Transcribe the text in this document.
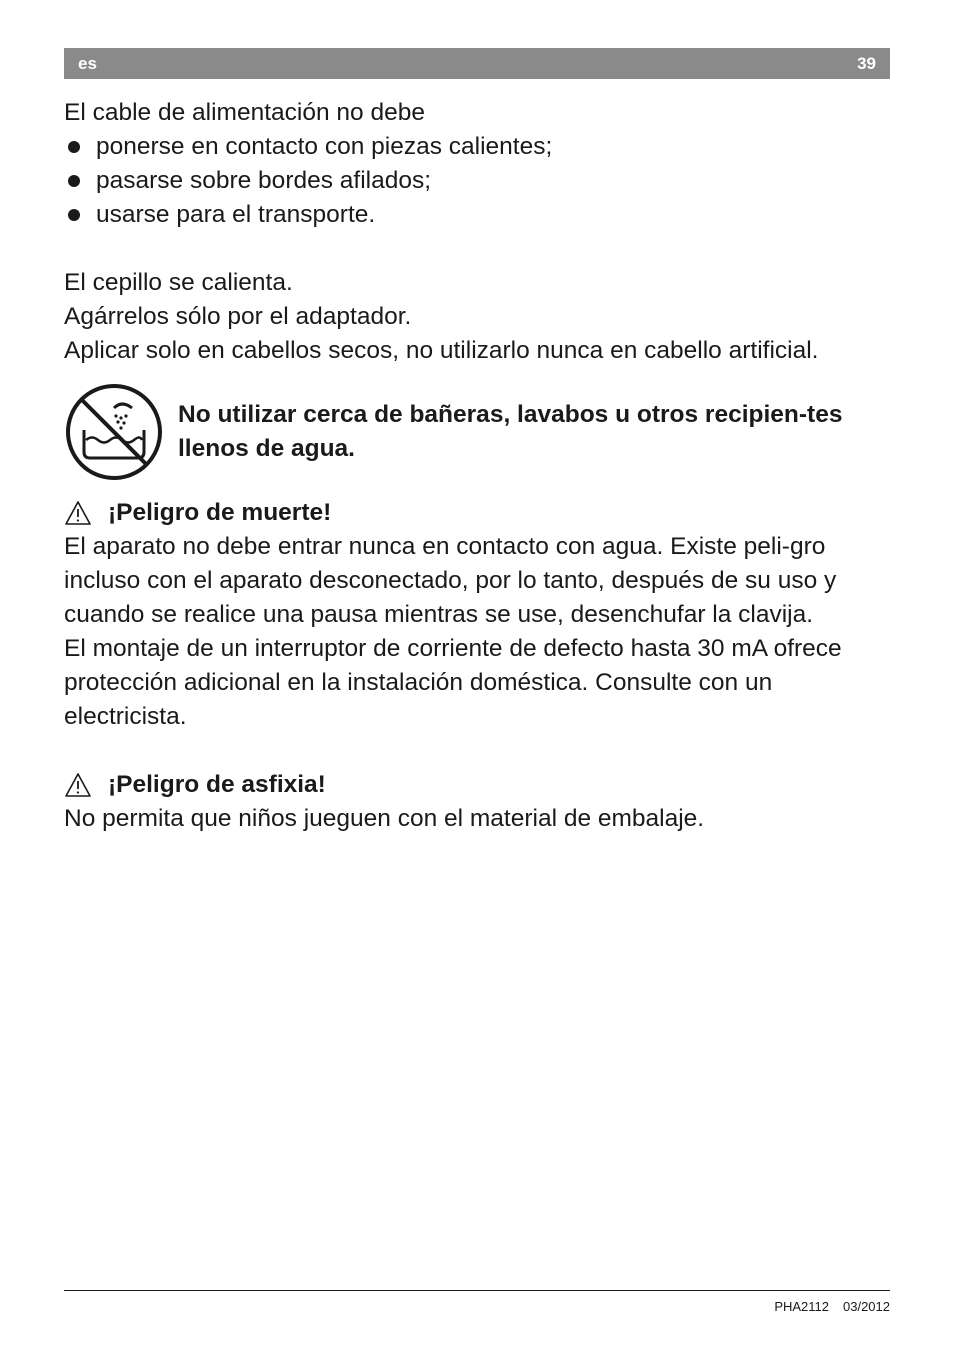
es	39

El cable de alimentación no debe

ponerse en contacto con piezas calientes;
pasarse sobre bordes afilados;
usarse para el transporte.

El cepillo se calienta.

Agárrelos sólo por el adaptador.

Aplicar solo en cabellos secos, no utilizarlo nunca en cabello artificial.

No utilizar cerca de bañeras, lavabos u otros recipien-tes llenos de agua.
¡Peligro de muerte!

El aparato no debe entrar nunca en contacto con agua. Existe peli-gro incluso con el aparato desconectado, por lo tanto, después de su uso y cuando se realice una pausa mientras se use, desenchufar la clavija.

El montaje de un interruptor de corriente de defecto hasta 30 mA ofrece protección adicional en la instalación doméstica. Consulte con un electricista.

¡Peligro de asfixia!

No permita que niños jueguen con el material de embalaje.

PHA2112 03/2012
